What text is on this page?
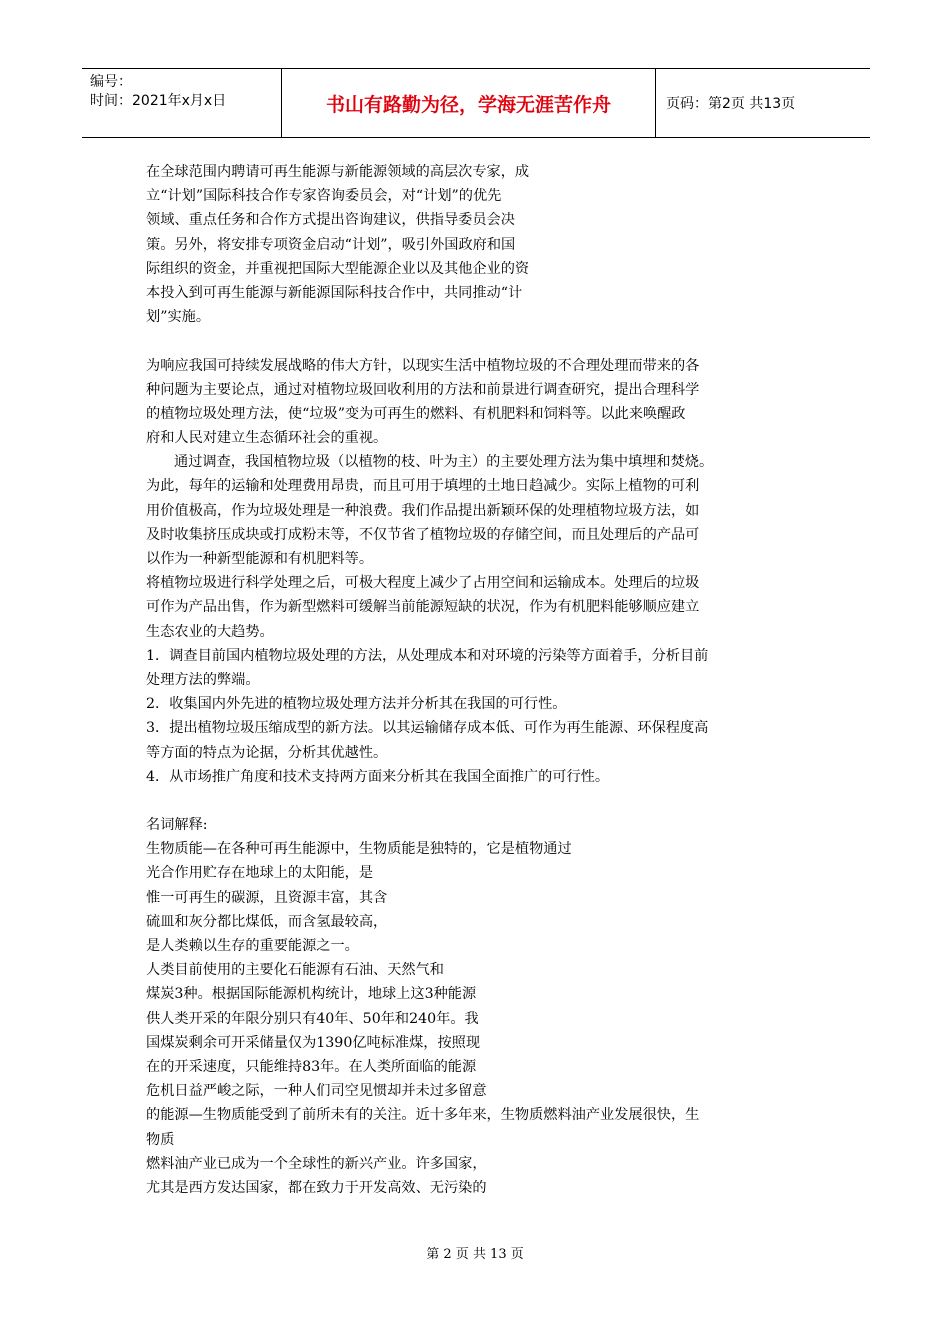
编号：
时间：2021年x月x日	书山有路勤为径，学海无涯苦作舟	页码：第2页 共13页
在全球范围内聘请可再生能源与新能源领域的高层次专家，成
立“计划”国际科技合作专家咨询委员会，对“计划”的优先
领域、重点任务和合作方式提出咨询建议，供指导委员会决
策。另外，将安排专项资金启动“计划”，吸引外国政府和国
际组织的资金，并重视把国际大型能源企业以及其他企业的资
本投入到可再生能源与新能源国际科技合作中，共同推动“计
划”实施。
为响应我国可持续发展战略的伟大方针，以现实生活中植物垃圾的不合理处理而带来的各
种问题为主要论点，通过对植物垃圾回收利用的方法和前景进行调查研究，提出合理科学
的植物垃圾处理方法，使“垃圾”变为可再生的燃料、有机肥料和饲料等。以此来唤醒政
府和人民对建立生态循环社会的重视。
通过调查，我国植物垃圾（以植物的枝、叶为主）的主要处理方法为集中填埋和焚烧。
为此，每年的运输和处理费用昂贵，而且可用于填埋的土地日趋减少。实际上植物的可利
用价值极高，作为垃圾处理是一种浪费。我们作品提出新颖环保的处理植物垃圾方法，如
及时收集挤压成块或打成粉末等，不仅节省了植物垃圾的存储空间，而且处理后的产品可
以作为一种新型能源和有机肥料等。
将植物垃圾进行科学处理之后，可极大程度上减少了占用空间和运输成本。处理后的垃圾
可作为产品出售，作为新型燃料可缓解当前能源短缺的状况，作为有机肥料能够顺应建立
生态农业的大趋势。
1．调查目前国内植物垃圾处理的方法，从处理成本和对环境的污染等方面着手，分析目前
处理方法的弊端。
2．收集国内外先进的植物垃圾处理方法并分析其在我国的可行性。
3．提出植物垃圾压缩成型的新方法。以其运输储存成本低、可作为再生能源、环保程度高
等方面的特点为论据，分析其优越性。
4．从市场推广角度和技术支持两方面来分析其在我国全面推广的可行性。
名词解释:
生物质能—在各种可再生能源中，生物质能是独特的，它是植物通过
光合作用贮存在地球上的太阳能，是
惟一可再生的碳源，且资源丰富，其含
硫皿和灰分都比煤低，而含氢最较高，
是人类赖以生存的重要能源之一。
人类目前使用的主要化石能源有石油、天然气和
煤炭3种。根据国际能源机构统计，地球上这3种能源
供人类开采的年限分别只有40年、50年和240年。我
国煤炭剩余可开采储量仅为1390亿吨标准煤，按照现
在的开采速度，只能维持83年。在人类所面临的能源
危机日益严峻之际，一种人们司空见惯却并未过多留意
的能源—生物质能受到了前所未有的关注。近十多年来，生物质燃料油产业发展很快，生
物质
燃料油产业已成为一个全球性的新兴产业。许多国家，
尤其是西方发达国家，都在致力于开发高效、无污染的
第 2 页 共 13 页
